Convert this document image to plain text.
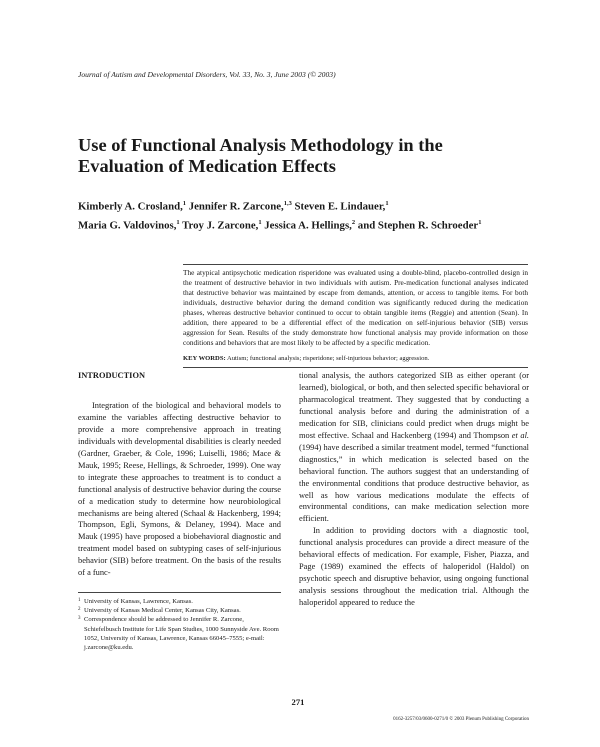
Journal of Autism and Developmental Disorders, Vol. 33, No. 3, June 2003 (© 2003)
Use of Functional Analysis Methodology in the Evaluation of Medication Effects
Kimberly A. Crosland,$^1$ Jennifer R. Zarcone,$^{1,3}$ Steven E. Lindauer,$^1$
Maria G. Valdovinos,$^1$ Troy J. Zarcone,$^1$ Jessica A. Hellings,$^2$ and Stephen R. Schroeder$^1$
The atypical antipsychotic medication risperidone was evaluated using a double-blind, placebo-controlled design in the treatment of destructive behavior in two individuals with autism. Pre-medication functional analyses indicated that destructive behavior was maintained by escape from demands, attention, or access to tangible items. For both individuals, destructive behavior during the demand condition was significantly reduced during the medication phases, whereas destructive behavior continued to occur to obtain tangible items (Reggie) and attention (Sean). In addition, there appeared to be a differential effect of the medication on self-injurious behavior (SIB) versus aggression for Sean. Results of the study demonstrate how functional analysis may provide information on those conditions and behaviors that are most likely to be affected by a specific medication.
KEY WORDS: Autism; functional analysis; risperidone; self-injurious behavior; aggression.
INTRODUCTION

Integration of the biological and behavioral models to examine the variables affecting destructive behavior to provide a more comprehensive approach in treating individuals with developmental disabilities is clearly needed (Gardner, Graeber, & Cole, 1996; Luiselli, 1986; Mace & Mauk, 1995; Reese, Hellings, & Schroeder, 1999). One way to integrate these approaches to treatment is to conduct a functional analysis of destructive behavior during the course of a medication study to determine how neurobiological mechanisms are being altered (Schaal & Hackenberg, 1994; Thompson, Egli, Symons, & Delaney, 1994). Mace and Mauk (1995) have proposed a biobehavioral diagnostic and treatment model based on subtyping cases of self-injurious behavior (SIB) before treatment. On the basis of the results of a func-

tional analysis, the authors categorized SIB as either operant (or learned), biological, or both, and then selected specific behavioral or pharmacological treatment. They suggested that by conducting a functional analysis before and during the administration of a medication for SIB, clinicians could predict when drugs might be most effective. Schaal and Hackenberg (1994) and Thompson et al. (1994) have described a similar treatment model, termed “functional diagnostics,” in which medication is selected based on the behavioral function. The authors suggest that an understanding of the environmental conditions that produce destructive behavior, as well as how various medications modulate the effects of environmental conditions, can make medication selection more efficient.

In addition to providing doctors with a diagnostic tool, functional analysis procedures can provide a direct measure of the behavioral effects of medication. For example, Fisher, Piazza, and Page (1989) examined the effects of haloperidol (Haldol) on psychotic speech and disruptive behavior, using ongoing functional analysis sessions throughout the medication trial. Although the haloperidol appeared to reduce the

1 University of Kansas, Lawrence, Kansas.
2 University of Kansas Medical Center, Kansas City, Kansas.
3 Correspondence should be addressed to Jennifer R. Zarcone, Schiefelbusch Institute for Life Span Studies, 1000 Sunnyside Ave. Room 1052, University of Kansas, Lawrence, Kansas 66045–7555; e-mail: j.zarcone@ku.edu.
271
0162-3257/03/0600-0271/0 © 2003 Plenum Publishing Corporation
